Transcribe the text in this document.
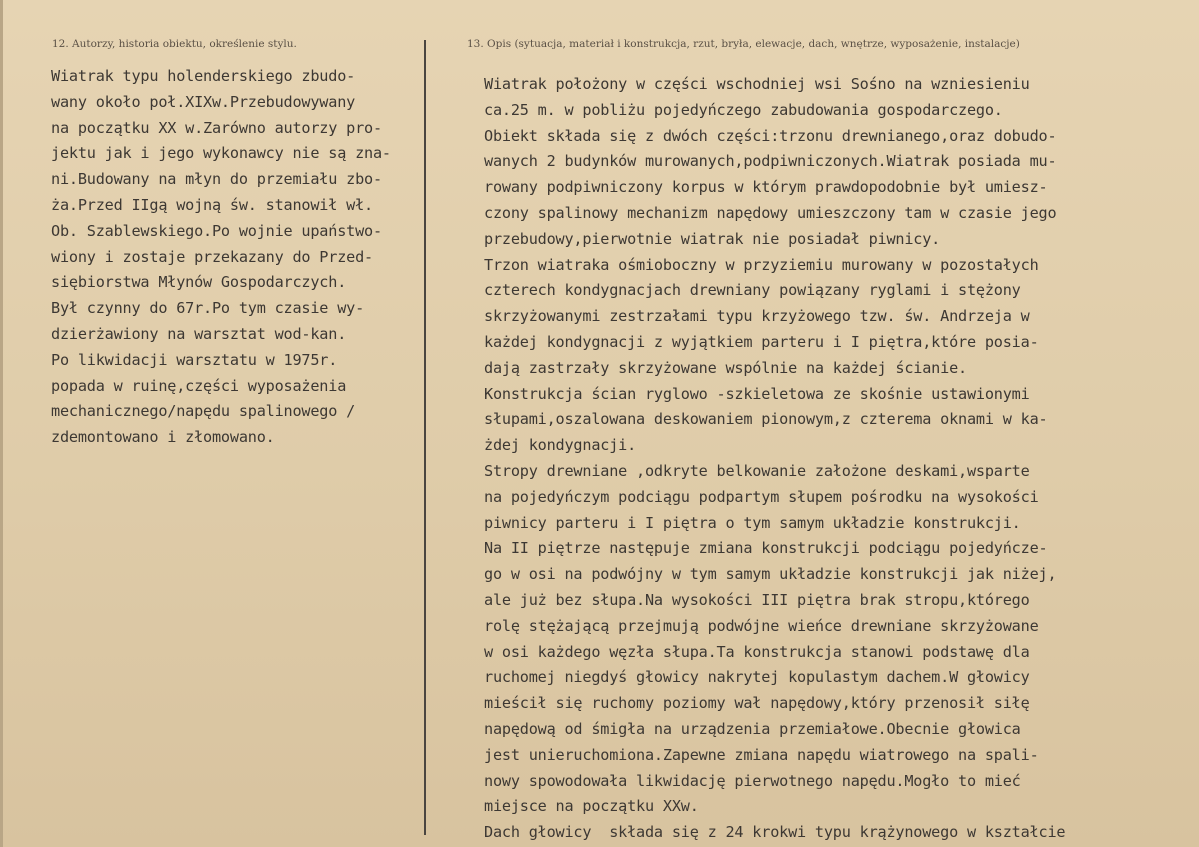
12. Autorzy, historia obiektu, określenie stylu.	13. Opis (sytuacja, materiał i konstrukcja, rzut, bryła, elewacje, dach, wnętrze, wyposażenie, instalacje)
Wiatrak typu holenderskiego zbudo-
wany około poł.XIXw.Przebudowywany
na początku XX w.Zarówno autorzy pro-
jektu jak i jego wykonawcy nie są zna-
ni.Budowany na młyn do przemiału zbo-
ża.Przed IIgą wojną św. stanowił wł.
Ob. Szablewskiego.Po wojnie upaństwo-
wiony i zostaje przekazany do Przed-
siębiorstwa Młynów Gospodarczych.
Był czynny do 67r.Po tym czasie wy-
dzierżawiony na warsztat wod-kan.
Po likwidacji warsztatu w 1975r.
popada w ruinę,części wyposażenia
mechanicznego/napędu spalinowego /
zdemontowano i złomowano.
Wiatrak położony w części wschodniej wsi Sośno na wzniesieniu
ca.25 m. w pobliżu pojedyńczego zabudowania gospodarczego.
Obiekt składa się z dwóch części:trzonu drewnianego,oraz dobudo-
wanych 2 budynków murowanych,podpiwniczonych.Wiatrak posiada mu-
rowany podpiwniczony korpus w którym prawdopodobnie był umiesz-
czony spalinowy mechanizm napędowy umieszczony tam w czasie jego
przebudowy,pierwotnie wiatrak nie posiadał piwnicy.
Trzon wiatraka ośmioboczny w przyziemiu murowany w pozostałych
czterech kondygnacjach drewniany powiązany ryglami i stężony
skrzyżowanymi zestrzałami typu krzyżowego tzw. św. Andrzeja w
każdej kondygnacji z wyjątkiem parteru i I piętra,które posia-
dają zastrzały skrzyżowane wspólnie na każdej ścianie.
Konstrukcja ścian ryglowo -szkieletowa ze skośnie ustawionymi
słupami,oszalowana deskowaniem pionowym,z czterema oknami w ka-
żdej kondygnacji.
Stropy drewniane ,odkryte belkowanie założone deskami,wsparte
na pojedyńczym podciągu podpartym słupem pośrodku na wysokości
piwnicy parteru i I piętra o tym samym układzie konstrukcji.
Na II piętrze następuje zmiana konstrukcji podciągu pojedyńcze-
go w osi na podwójny w tym samym układzie konstrukcji jak niżej,
ale już bez słupa.Na wysokości III piętra brak stropu,którego
rolę stężającą przejmują podwójne wieńce drewniane skrzyżowane
w osi każdego węzła słupa.Ta konstrukcja stanowi podstawę dla
ruchomej niegdyś głowicy nakrytej kopulastym dachem.W głowicy
mieścił się ruchomy poziomy wał napędowy,który przenosił siłę
napędową od śmigła na urządzenia przemiałowe.Obecnie głowica
jest unieruchomiona.Zapewne zmiana napędu wiatrowego na spali-
nowy spowodowała likwidację pierwotnego napędu.Mogło to mieć
miejsce na początku XXw.
Dach głowicy  składa się z 24 krokwi typu krążynowego w kształcie
